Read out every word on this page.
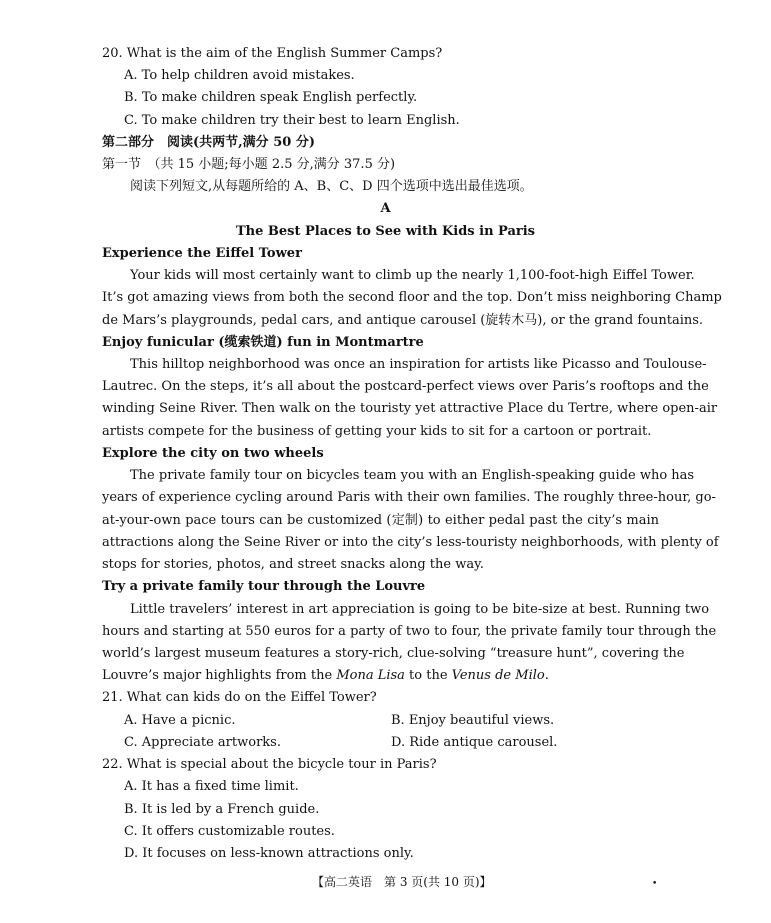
20. What is the aim of the English Summer Camps?
A. To help children avoid mistakes.
B. To make children speak English perfectly.
C. To make children try their best to learn English.
第二部分　阅读(共两节,满分 50 分)
第一节　（共 15 小题;每小题 2.5 分,满分 37.5 分)
阅读下列短文,从每题所给的 A、B、C、D 四个选项中选出最佳选项。
A
The Best Places to See with Kids in Paris
Experience the Eiffel Tower
Your kids will most certainly want to climb up the nearly 1,100-foot-high Eiffel Tower.
It’s got amazing views from both the second floor and the top. Don’t miss neighboring Champ
de Mars’s playgrounds, pedal cars, and antique carousel (旋转木马), or the grand fountains.
Enjoy funicular (缆索铁道) fun in Montmartre
This hilltop neighborhood was once an inspiration for artists like Picasso and Toulouse-
Lautrec. On the steps, it’s all about the postcard-perfect views over Paris’s rooftops and the
winding Seine River. Then walk on the touristy yet attractive Place du Tertre, where open-air
artists compete for the business of getting your kids to sit for a cartoon or portrait.
Explore the city on two wheels
The private family tour on bicycles team you with an English-speaking guide who has
years of experience cycling around Paris with their own families. The roughly three-hour, go-
at-your-own pace tours can be customized (定制) to either pedal past the city’s main
attractions along the Seine River or into the city’s less-touristy neighborhoods, with plenty of
stops for stories, photos, and street snacks along the way.
Try a private family tour through the Louvre
Little travelers’ interest in art appreciation is going to be bite-size at best. Running two
hours and starting at 550 euros for a party of two to four, the private family tour through the
world’s largest museum features a story-rich, clue-solving “treasure hunt”, covering the
Louvre’s major highlights from the Mona Lisa to the Venus de Milo.
21. What can kids do on the Eiffel Tower?
A. Have a picnic.	B. Enjoy beautiful views.
C. Appreciate artworks.	D. Ride antique carousel.
22. What is special about the bicycle tour in Paris?
A. It has a fixed time limit.
B. It is led by a French guide.
C. It offers customizable routes.
D. It focuses on less-known attractions only.
【高二英语　第 3 页(共 10 页)】	•
